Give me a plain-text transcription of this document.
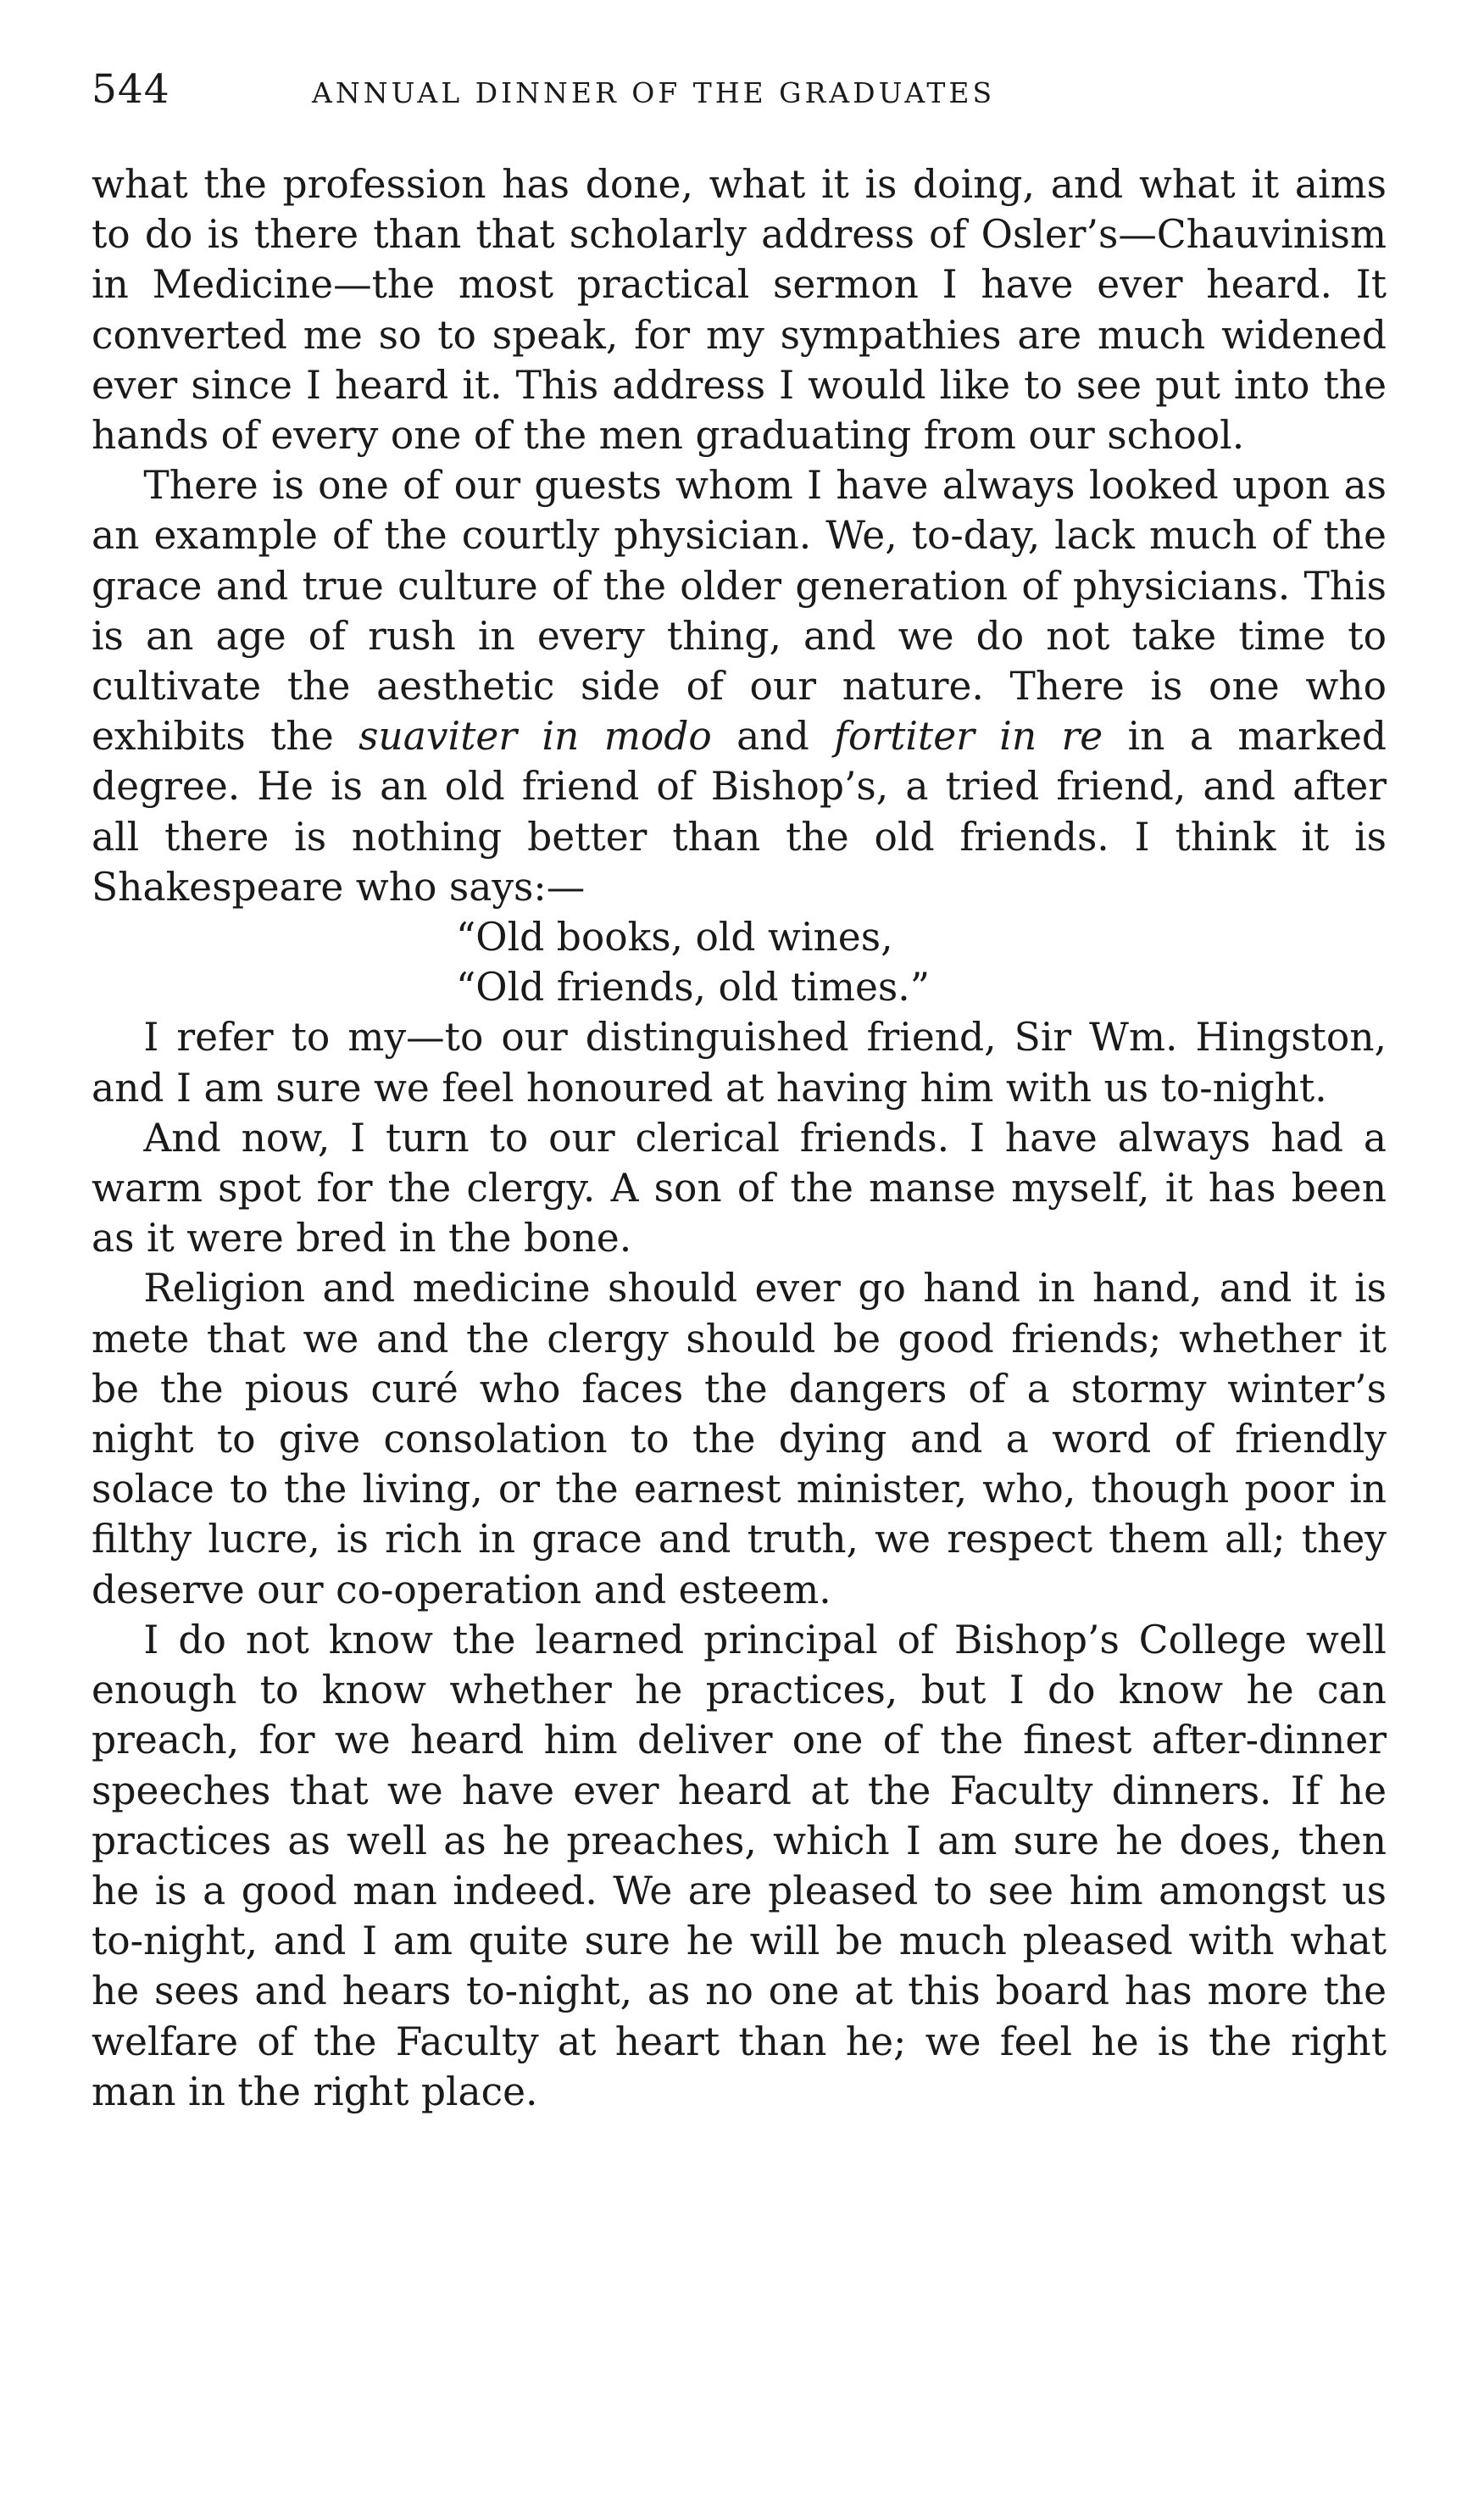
544	ANNUAL DINNER OF THE GRADUATES

what the profession has done, what it is doing, and what it aims to do is there than that scholarly address of Osler’s—Chauvinism in Medicine—the most practical sermon I have ever heard. It converted me so to speak, for my sympathies are much widened ever since I heard it. This address I would like to see put into the hands of every one of the men graduating from our school.

There is one of our guests whom I have always looked upon as an example of the courtly physician. We, to-day, lack much of the grace and true culture of the older generation of physicians. This is an age of rush in every thing, and we do not take time to cultivate the aesthetic side of our nature. There is one who exhibits the suaviter in modo and fortiter in re in a marked degree. He is an old friend of Bishop’s, a tried friend, and after all there is nothing better than the old friends. I think it is Shakespeare who says:—

“Old books, old wines,
“Old friends, old times.”

I refer to my—to our distinguished friend, Sir Wm. Hingston, and I am sure we feel honoured at having him with us to-night.

And now, I turn to our clerical friends. I have always had a warm spot for the clergy. A son of the manse myself, it has been as it were bred in the bone.

Religion and medicine should ever go hand in hand, and it is mete that we and the clergy should be good friends; whether it be the pious curé who faces the dangers of a stormy winter’s night to give consolation to the dying and a word of friendly solace to the living, or the earnest minister, who, though poor in filthy lucre, is rich in grace and truth, we respect them all; they deserve our co-operation and esteem.

I do not know the learned principal of Bishop’s College well enough to know whether he practices, but I do know he can preach, for we heard him deliver one of the finest after-dinner speeches that we have ever heard at the Faculty dinners. If he practices as well as he preaches, which I am sure he does, then he is a good man indeed. We are pleased to see him amongst us to-night, and I am quite sure he will be much pleased with what he sees and hears to-night, as no one at this board has more the welfare of the Faculty at heart than he; we feel he is the right man in the right place.
